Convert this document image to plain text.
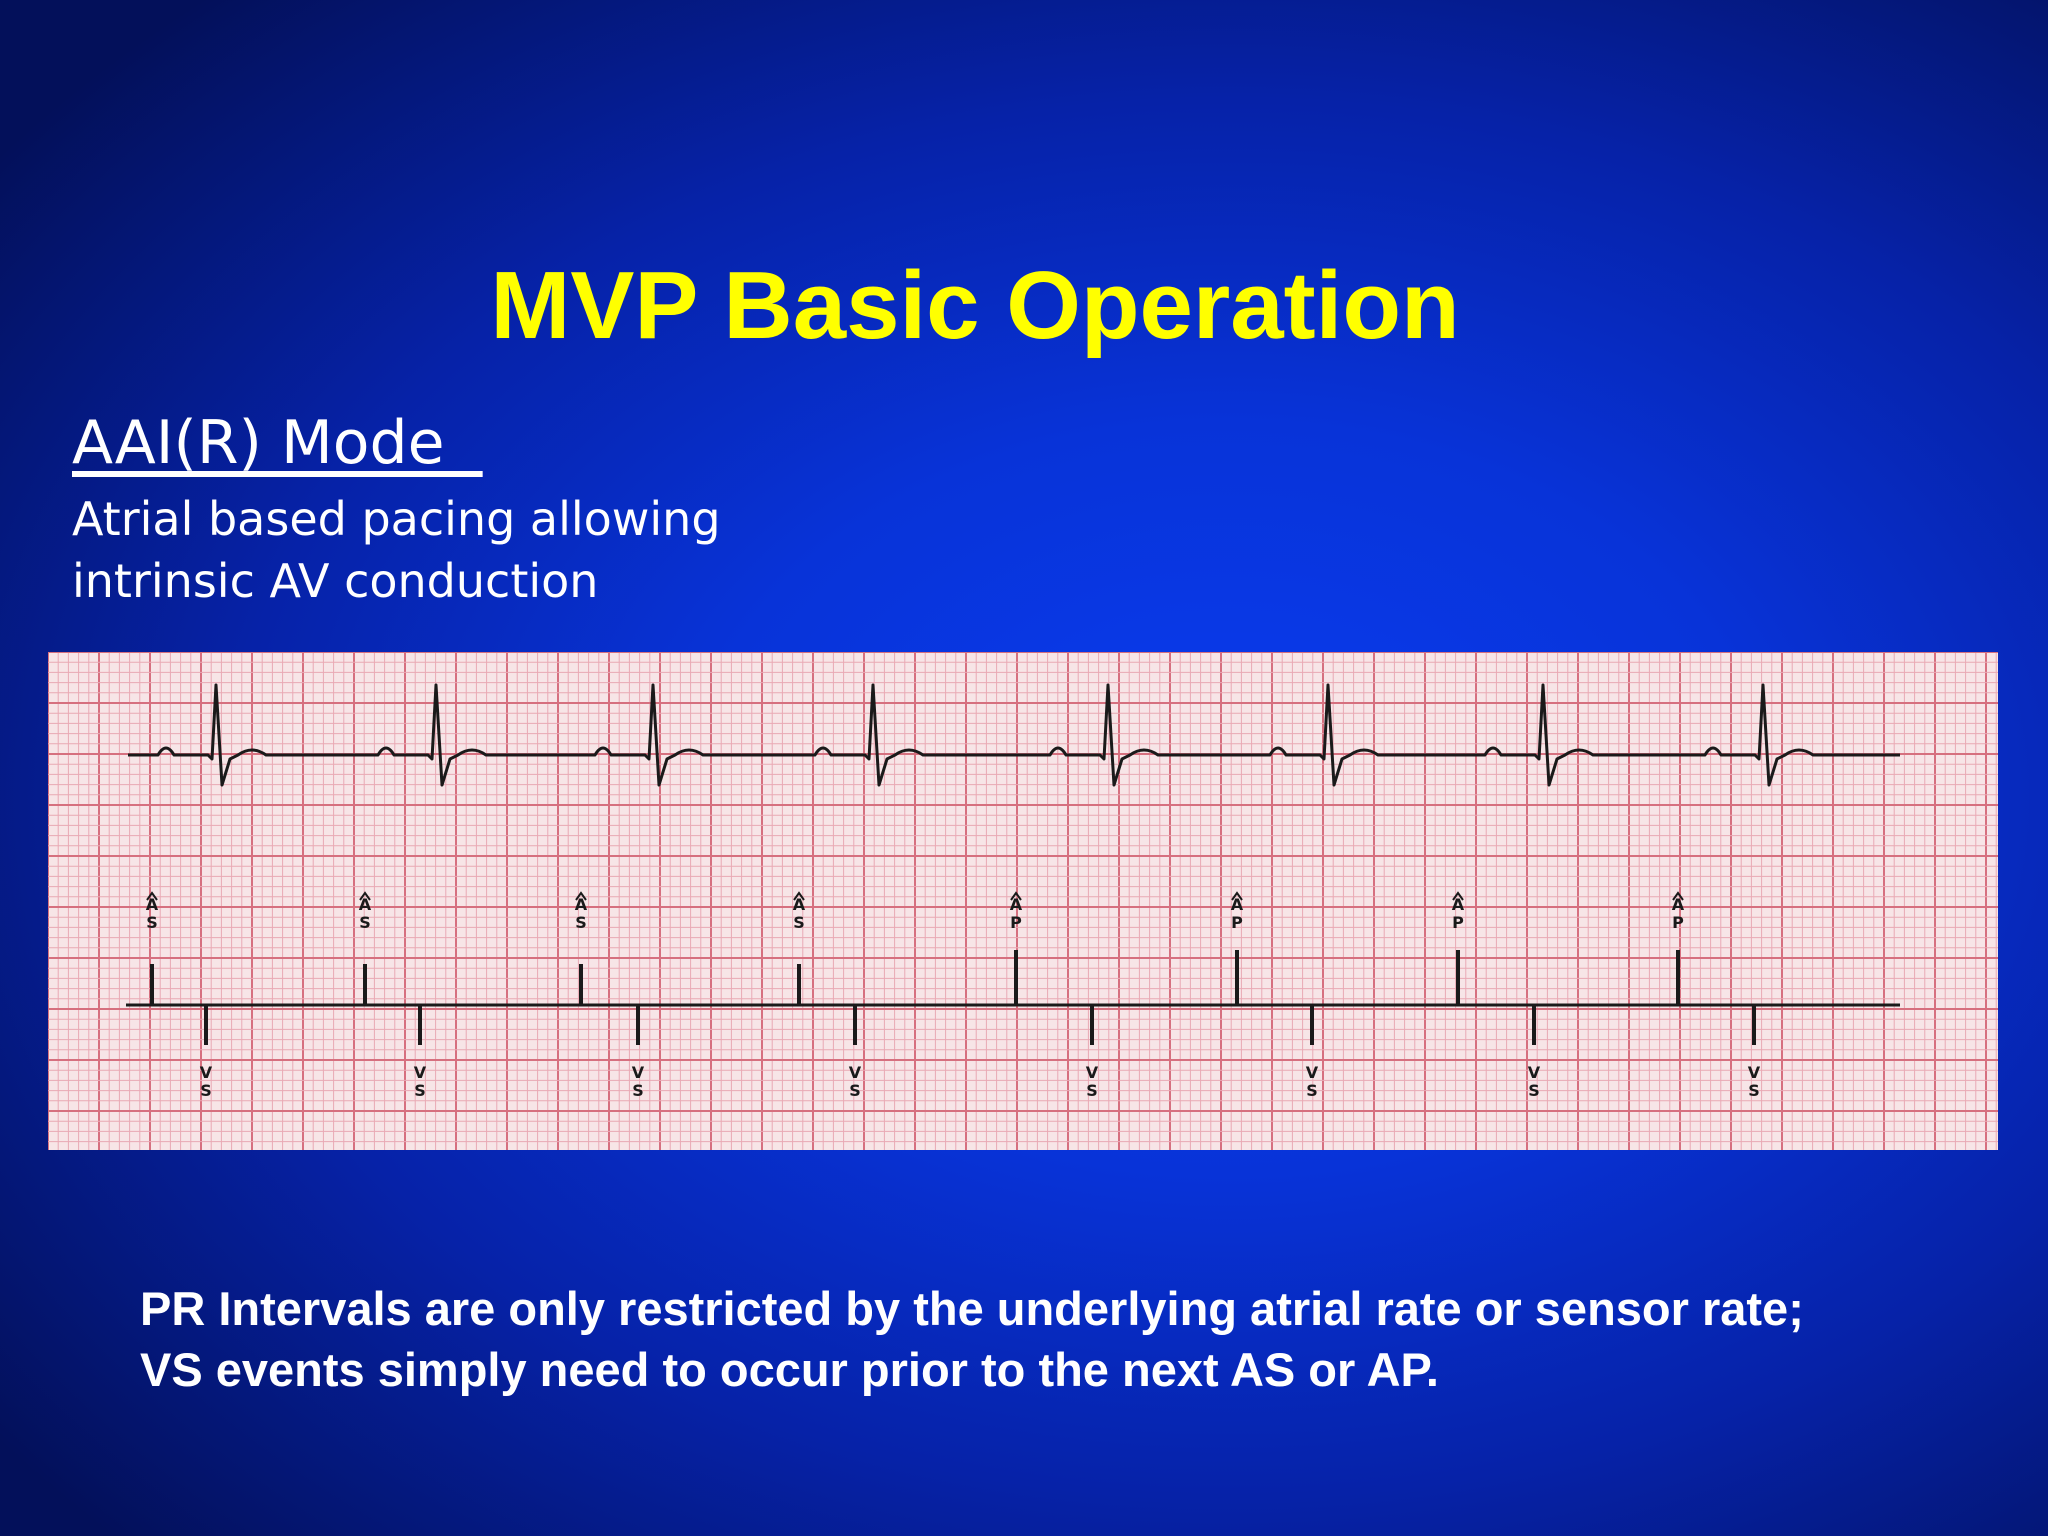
MVP Basic Operation
AAI(R) Mode
Atrial based pacing allowing
intrinsic AV conduction
A
S
V
S
A
S
V
S
A
S
V
S
A
S
V
S
A
P
V
S
A
P
V
S
A
P
V
S
A
P
V
S
PR Intervals are only restricted by the underlying atrial rate or sensor rate;
VS events simply need to occur prior to the next AS or AP.
